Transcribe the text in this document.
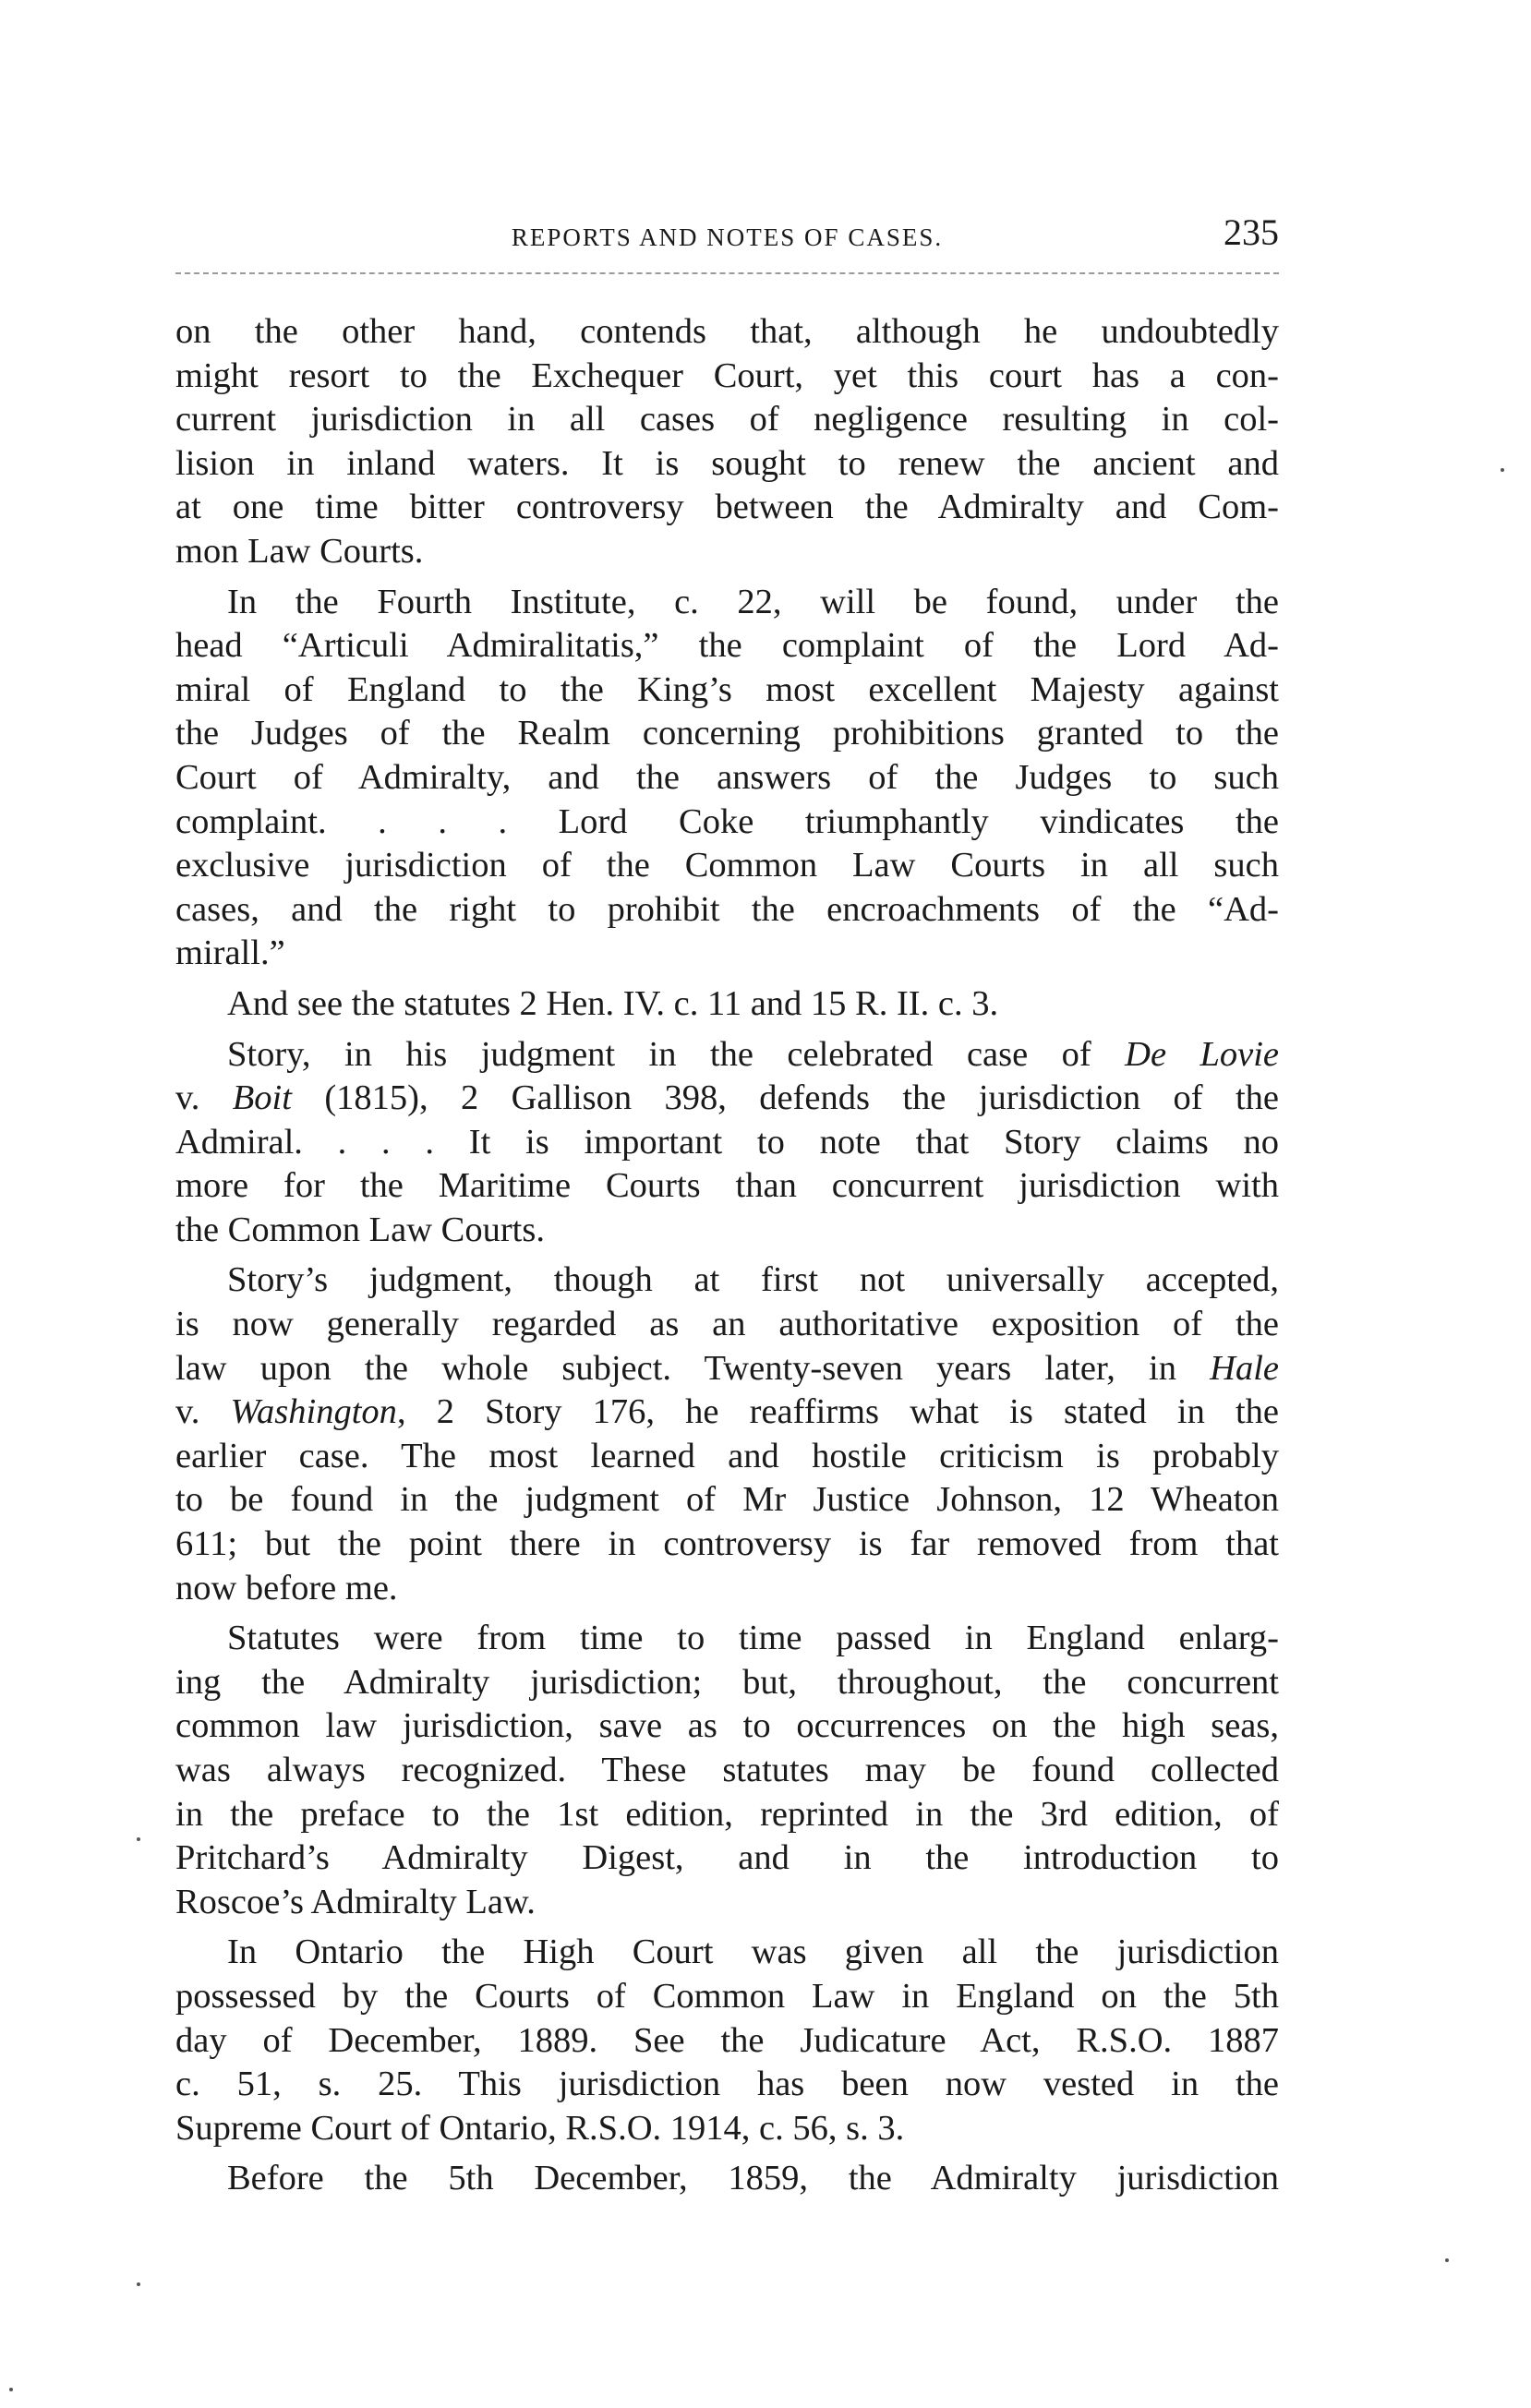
REPORTS AND NOTES OF CASES.	235

on the other hand, contends that, although he undoubtedly
might resort to the Exchequer Court, yet this court has a con-
current jurisdiction in all cases of negligence resulting in col-
lision in inland waters. It is sought to renew the ancient and
at one time bitter controversy between the Admiralty and Com-
mon Law Courts.

In the Fourth Institute, c. 22, will be found, under the
head “Articuli Admiralitatis,” the complaint of the Lord Ad-
miral of England to the King’s most excellent Majesty against
the Judges of the Realm concerning prohibitions granted to the
Court of Admiralty, and the answers of the Judges to such
complaint. . . . Lord Coke triumphantly vindicates the
exclusive jurisdiction of the Common Law Courts in all such
cases, and the right to prohibit the encroachments of the “Ad-
mirall.”

And see the statutes 2 Hen. IV. c. 11 and 15 R. II. c. 3.

Story, in his judgment in the celebrated case of De Lovie
v. Boit (1815), 2 Gallison 398, defends the jurisdiction of the
Admiral. . . . It is important to note that Story claims no
more for the Maritime Courts than concurrent jurisdiction with
the Common Law Courts.

Story’s judgment, though at first not universally accepted,
is now generally regarded as an authoritative exposition of the
law upon the whole subject. Twenty-seven years later, in Hale
v. Washington, 2 Story 176, he reaffirms what is stated in the
earlier case. The most learned and hostile criticism is probably
to be found in the judgment of Mr Justice Johnson, 12 Wheaton
611; but the point there in controversy is far removed from that
now before me.

Statutes were from time to time passed in England enlarg-
ing the Admiralty jurisdiction; but, throughout, the concurrent
common law jurisdiction, save as to occurrences on the high seas,
was always recognized. These statutes may be found collected
in the preface to the 1st edition, reprinted in the 3rd edition, of
Pritchard’s Admiralty Digest, and in the introduction to
Roscoe’s Admiralty Law.

In Ontario the High Court was given all the jurisdiction
possessed by the Courts of Common Law in England on the 5th
day of December, 1889. See the Judicature Act, R.S.O. 1887
c. 51, s. 25. This jurisdiction has been now vested in the
Supreme Court of Ontario, R.S.O. 1914, c. 56, s. 3.

Before the 5th December, 1859, the Admiralty jurisdiction
